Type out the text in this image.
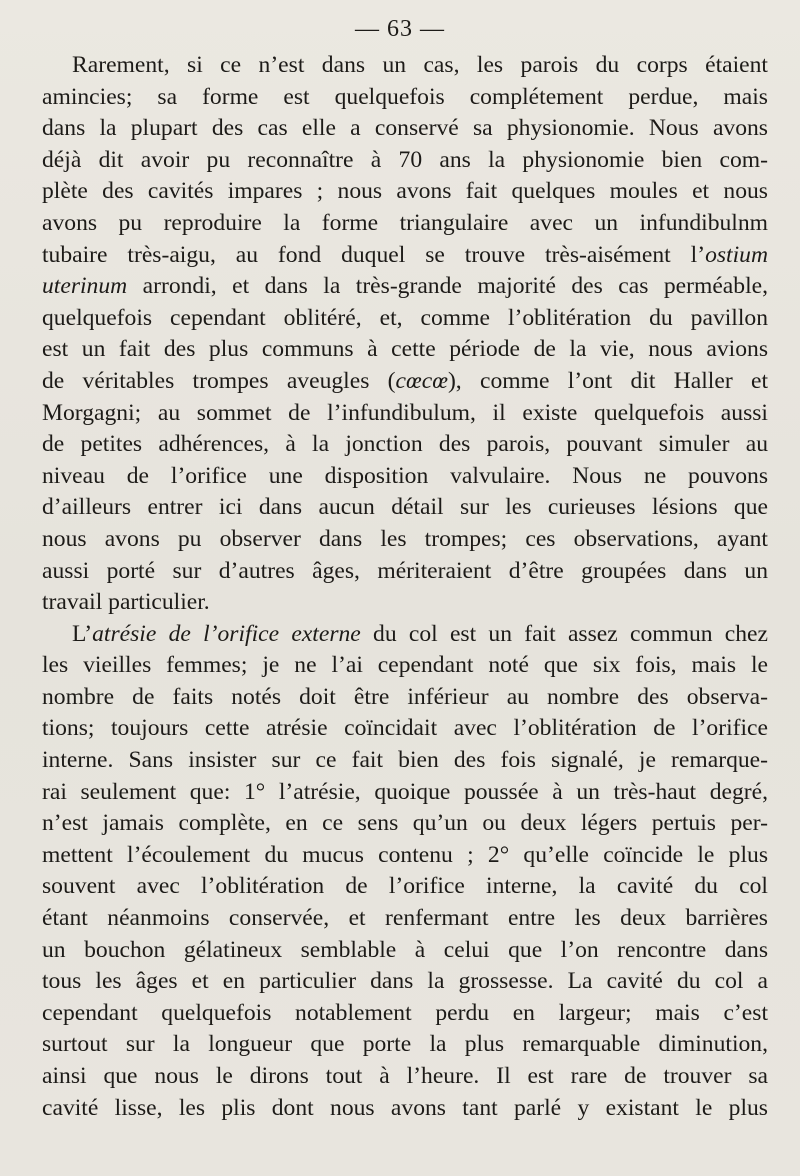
— 63 —
Rarement, si ce n’est dans un cas, les parois du corps étaient
amincies; sa forme est quelquefois complétement perdue, mais
dans la plupart des cas elle a conservé sa physionomie. Nous avons
déjà dit avoir pu reconnaître à 70 ans la physionomie bien com-
plète des cavités impares ; nous avons fait quelques moules et nous
avons pu reproduire la forme triangulaire avec un infundibulnm
tubaire très-aigu, au fond duquel se trouve très-aisément l’ostium
uterinum arrondi, et dans la très-grande majorité des cas perméable,
quelquefois cependant oblitéré, et, comme l’oblitération du pavillon
est un fait des plus communs à cette période de la vie, nous avions
de véritables trompes aveugles (cœcœ), comme l’ont dit Haller et
Morgagni; au sommet de l’infundibulum, il existe quelquefois aussi
de petites adhérences, à la jonction des parois, pouvant simuler au
niveau de l’orifice une disposition valvulaire. Nous ne pouvons
d’ailleurs entrer ici dans aucun détail sur les curieuses lésions que
nous avons pu observer dans les trompes; ces observations, ayant
aussi porté sur d’autres âges, mériteraient d’être groupées dans un
travail particulier.
L’atrésie de l’orifice externe du col est un fait assez commun chez
les vieilles femmes; je ne l’ai cependant noté que six fois, mais le
nombre de faits notés doit être inférieur au nombre des observa-
tions; toujours cette atrésie coïncidait avec l’oblitération de l’orifice
interne. Sans insister sur ce fait bien des fois signalé, je remarque-
rai seulement que: 1° l’atrésie, quoique poussée à un très-haut degré,
n’est jamais complète, en ce sens qu’un ou deux légers pertuis per-
mettent l’écoulement du mucus contenu ; 2° qu’elle coïncide le plus
souvent avec l’oblitération de l’orifice interne, la cavité du col
étant néanmoins conservée, et renfermant entre les deux barrières
un bouchon gélatineux semblable à celui que l’on rencontre dans
tous les âges et en particulier dans la grossesse. La cavité du col a
cependant quelquefois notablement perdu en largeur; mais c’est
surtout sur la longueur que porte la plus remarquable diminution,
ainsi que nous le dirons tout à l’heure. Il est rare de trouver sa
cavité lisse, les plis dont nous avons tant parlé y existant le plus
